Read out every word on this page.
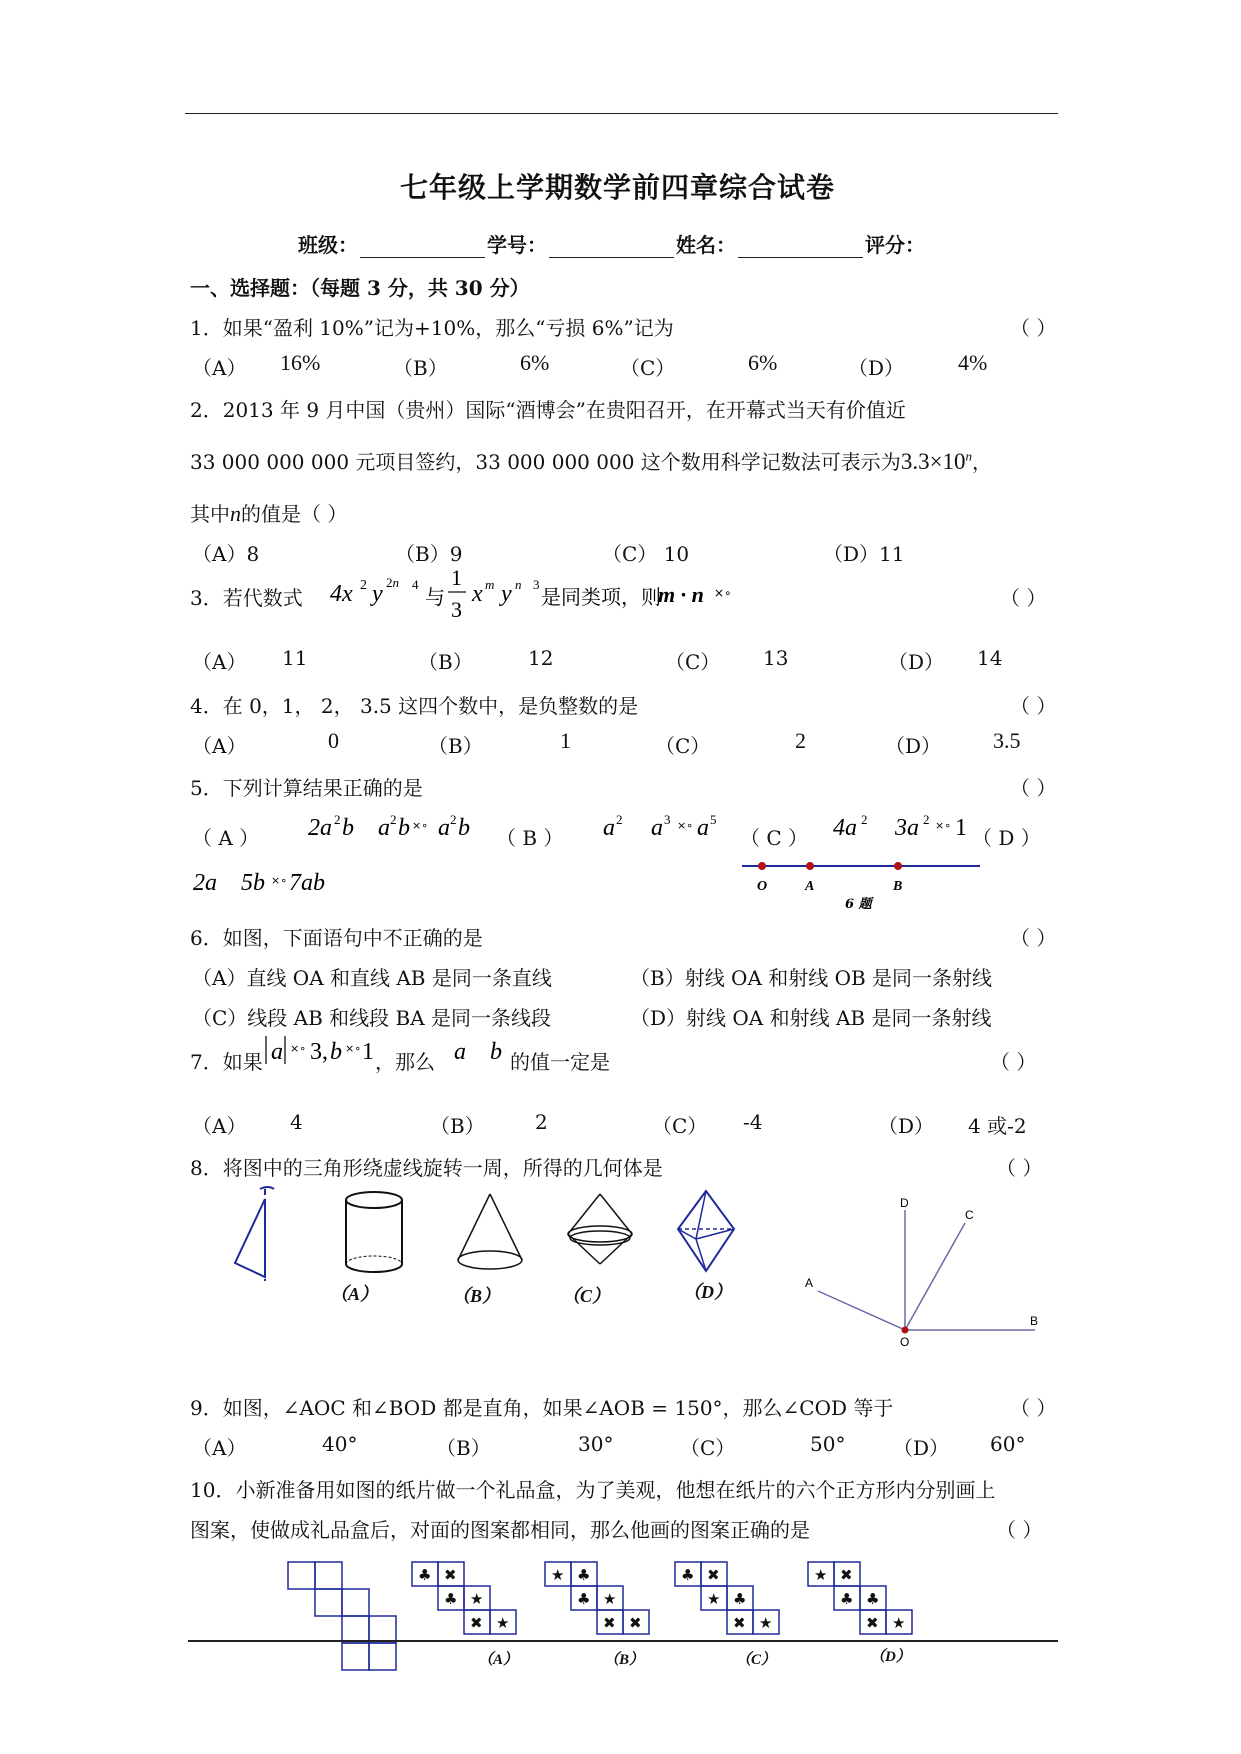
七年级上学期数学前四章综合试卷
班级：	学号：	姓名：	评分：
一、选择题：（每题 3 分，共 30 分）
1．如果“盈利 10%”记为+10%，那么“亏损 6%”记为	（ ）
（A） 16%	（B）	6%	（C）	6%	（D） 4%
2．2013 年 9 月中国（贵州）国际“酒博会”在贵阳召开，在开幕式当天有价值近
33 000 000 000 元项目签约，33 000 000 000 这个数用科学记数法可表示为$3.3\times 10^n$，
其中n的值是（ ）
（A）8	（B）9	（C） 10	（D）11
3．若代数式 4x 2 y 2n 4
与
1
3
x m y n 3
是同类项，则
m · n ×∘	（ ）
（A） 11	（B）	12	（C） 13	（D） 14
4．在 0，1， 2， 3.5 这四个数中，是负整数的是	（ ）
（A）	0	（B）	1	（C）	2	（D） 3.5
5．下列计算结果正确的是	（ ）
（ A ） 2a 2 b a 2 b ×∘ a 2 b （ B ） a 2 a 3 ×∘ a 5
（ C ） 4a 2 3a 2 ×∘ 1 （ D ）
2a 5b ×∘ 7ab	O	A	B
6 题
6．如图，下面语句中不正确的是	（ ）
（A）直线 OA 和直线 AB 是同一条直线	（B）射线 OA 和射线 OB 是同一条射线
（C）线段 AB 和线段 BA 是同一条线段	（D）射线 OA 和射线 AB 是同一条射线
7．如果 a ×∘ 3, b ×∘ 1 ，那么 a b 的值一定是	（ ）
（A） 4	（B）	2	（C） -4	（D） 4 或-2
8．将图中的三角形绕虚线旋转一周，所得的几何体是	（ ）
（A）	（B）	（C）	（D）
D
C
A
O
B
9．如图，∠AOC 和∠BOD 都是直角，如果∠AOB = 150°，那么∠COD 等于	（ ）
（A）	40°	（B）	30°	（C）	50° （D） 60°
10．小新准备用如图的纸片做一个礼品盒，为了美观，他想在纸片的六个正方形内分别画上
图案，使做成礼品盒后，对面的图案都相同，那么他画的图案正确的是	（ ）
♣ ✖
♣ ★
✖ ★
★ ♣
♣ ★
✖ ✖
♣ ✖
★ ♣
✖ ★
★ ✖
♣ ♣
✖ ★
（A）	（B）	（C）	（D）
